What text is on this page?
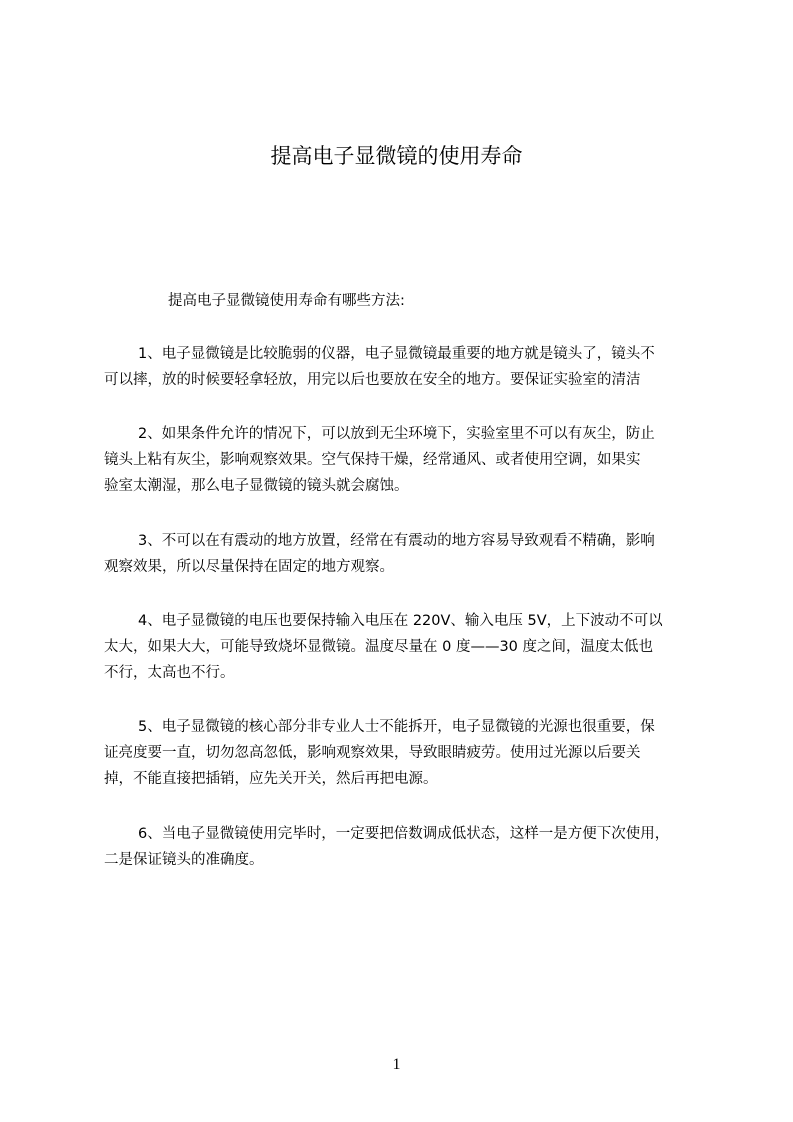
提高电子显微镜的使用寿命
提高电子显微镜使用寿命有哪些方法:
1、电子显微镜是比较脆弱的仪器，电子显微镜最重要的地方就是镜头了，镜头不
可以摔，放的时候要轻拿轻放，用完以后也要放在安全的地方。要保证实验室的清洁
2、如果条件允许的情况下，可以放到无尘环境下，实验室里不可以有灰尘，防止
镜头上粘有灰尘，影响观察效果。空气保持干燥，经常通风、或者使用空调，如果实
验室太潮湿，那么电子显微镜的镜头就会腐蚀。
3、不可以在有震动的地方放置，经常在有震动的地方容易导致观看不精确，影响
观察效果，所以尽量保持在固定的地方观察。
4、电子显微镜的电压也要保持输入电压在 220V、输入电压 5V，上下波动不可以
太大，如果大大，可能导致烧坏显微镜。温度尽量在 0 度——30 度之间，温度太低也
不行，太高也不行。
5、电子显微镜的核心部分非专业人士不能拆开，电子显微镜的光源也很重要，保
证亮度要一直，切勿忽高忽低，影响观察效果，导致眼睛疲劳。使用过光源以后要关
掉，不能直接把插销，应先关开关，然后再把电源。
6、当电子显微镜使用完毕时，一定要把倍数调成低状态，这样一是方便下次使用，
二是保证镜头的准确度。
1
